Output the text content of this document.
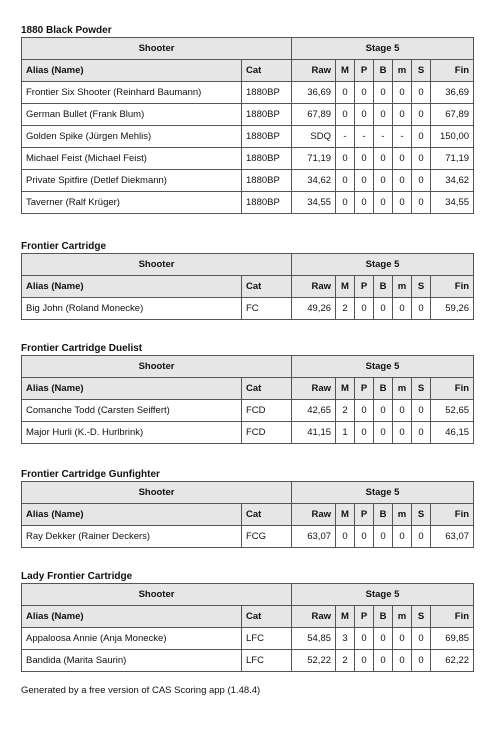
1880 Black Powder
Shooter		Stage 5						
Alias (Name)	Cat	Raw	M	P	B	m	S	Fin
Frontier Six Shooter (Reinhard Baumann)	1880BP	36,69	0	0	0	0	0	36,69
German Bullet (Frank Blum)	1880BP	67,89	0	0	0	0	0	67,89
Golden Spike (Jürgen Mehlis)	1880BP	SDQ	-	-	-	-	0	150,00
Michael Feist (Michael Feist)	1880BP	71,19	0	0	0	0	0	71,19
Private Spitfire (Detlef Diekmann)	1880BP	34,62	0	0	0	0	0	34,62
Taverner (Ralf Krüger)	1880BP	34,55	0	0	0	0	0	34,55
Frontier Cartridge
Shooter		Stage 5						
Alias (Name)	Cat	Raw	M	P	B	m	S	Fin
Big John (Roland Monecke)	FC	49,26	2	0	0	0	0	59,26
Frontier Cartridge Duelist
Shooter		Stage 5						
Alias (Name)	Cat	Raw	M	P	B	m	S	Fin
Comanche Todd (Carsten Seiffert)	FCD	42,65	2	0	0	0	0	52,65
Major Hurli (K.-D. Hurlbrink)	FCD	41,15	1	0	0	0	0	46,15
Frontier Cartridge Gunfighter
Shooter		Stage 5						
Alias (Name)	Cat	Raw	M	P	B	m	S	Fin
Ray Dekker (Rainer Deckers)	FCG	63,07	0	0	0	0	0	63,07
Lady Frontier Cartridge
Shooter		Stage 5						
Alias (Name)	Cat	Raw	M	P	B	m	S	Fin
Appaloosa Annie (Anja Monecke)	LFC	54,85	3	0	0	0	0	69,85
Bandida (Marita Saurin)	LFC	52,22	2	0	0	0	0	62,22
Generated by a free version of CAS Scoring app (1.48.4)
